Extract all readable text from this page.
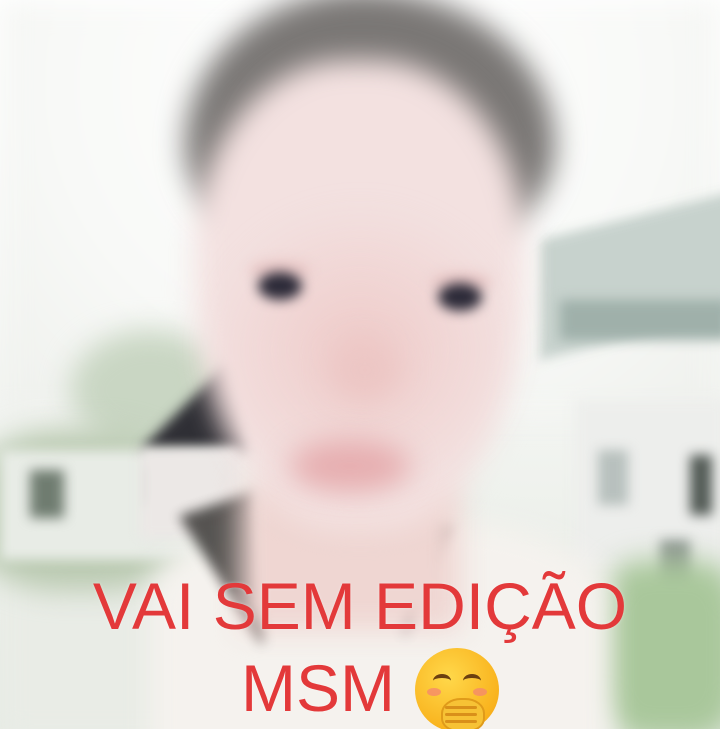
VAI SEM EDIÇÃO

MSM
